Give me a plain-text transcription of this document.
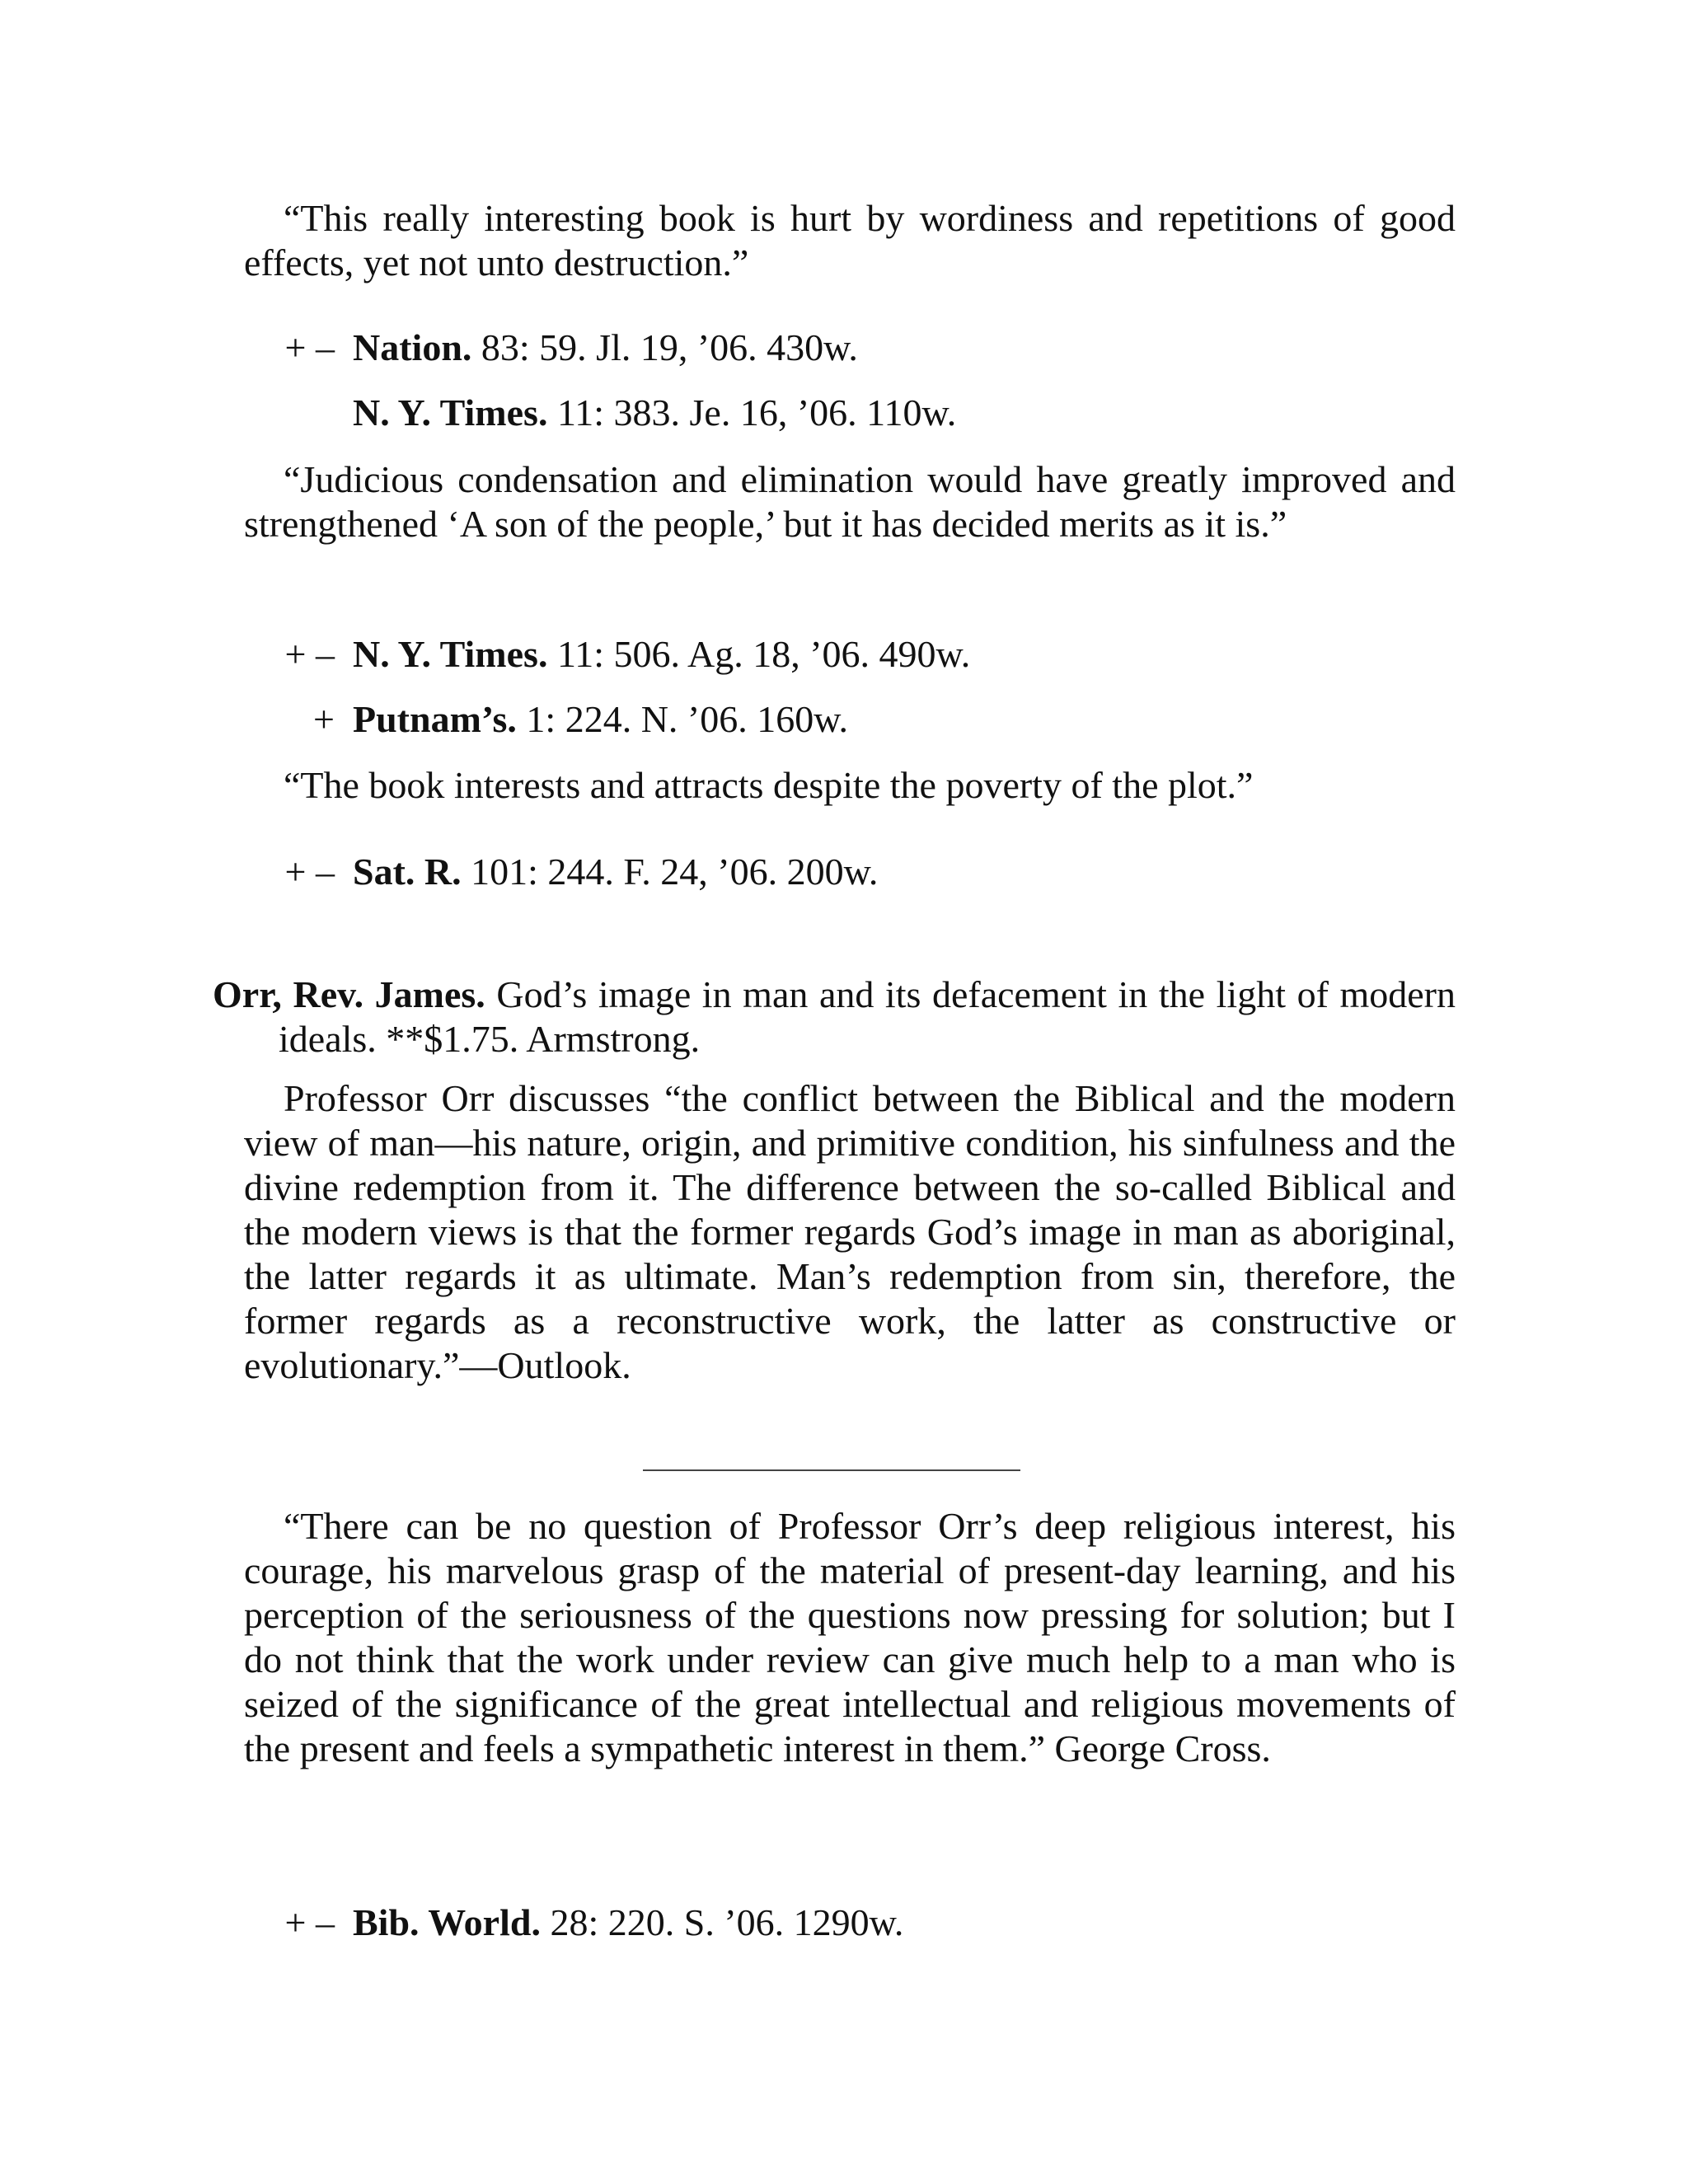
“This really interesting book is hurt by wordiness and repetitions of good effects, yet not unto destruction.”

+ – Nation. 83: 59. Jl. 19, ’06. 430w.
N. Y. Times. 11: 383. Je. 16, ’06. 110w.

“Judicious condensation and elimination would have greatly improved and strengthened ‘A son of the people,’ but it has decided merits as it is.”

+ – N. Y. Times. 11: 506. Ag. 18, ’06. 490w.
+ Putnam’s. 1: 224. N. ’06. 160w.

“The book interests and attracts despite the poverty of the plot.”

+ – Sat. R. 101: 244. F. 24, ’06. 200w.
Orr, Rev. James. God’s image in man and its defacement in the light of modern ideals. **$1.75. Armstrong.

Professor Orr discusses “the conflict between the Biblical and the modern view of man—his nature, origin, and primitive condition, his sinfulness and the divine redemption from it. The difference between the so-called Biblical and the modern views is that the former regards God’s image in man as aboriginal, the latter regards it as ultimate. Man’s redemption from sin, therefore, the former regards as a reconstructive work, the latter as constructive or evolutionary.”—Outlook.

“There can be no question of Professor Orr’s deep religious interest, his courage, his marvelous grasp of the material of present-day learning, and his perception of the seriousness of the questions now pressing for solution; but I do not think that the work under review can give much help to a man who is seized of the significance of the great intellectual and religious movements of the present and feels a sympathetic interest in them.” George Cross.

+ – Bib. World. 28: 220. S. ’06. 1290w.
